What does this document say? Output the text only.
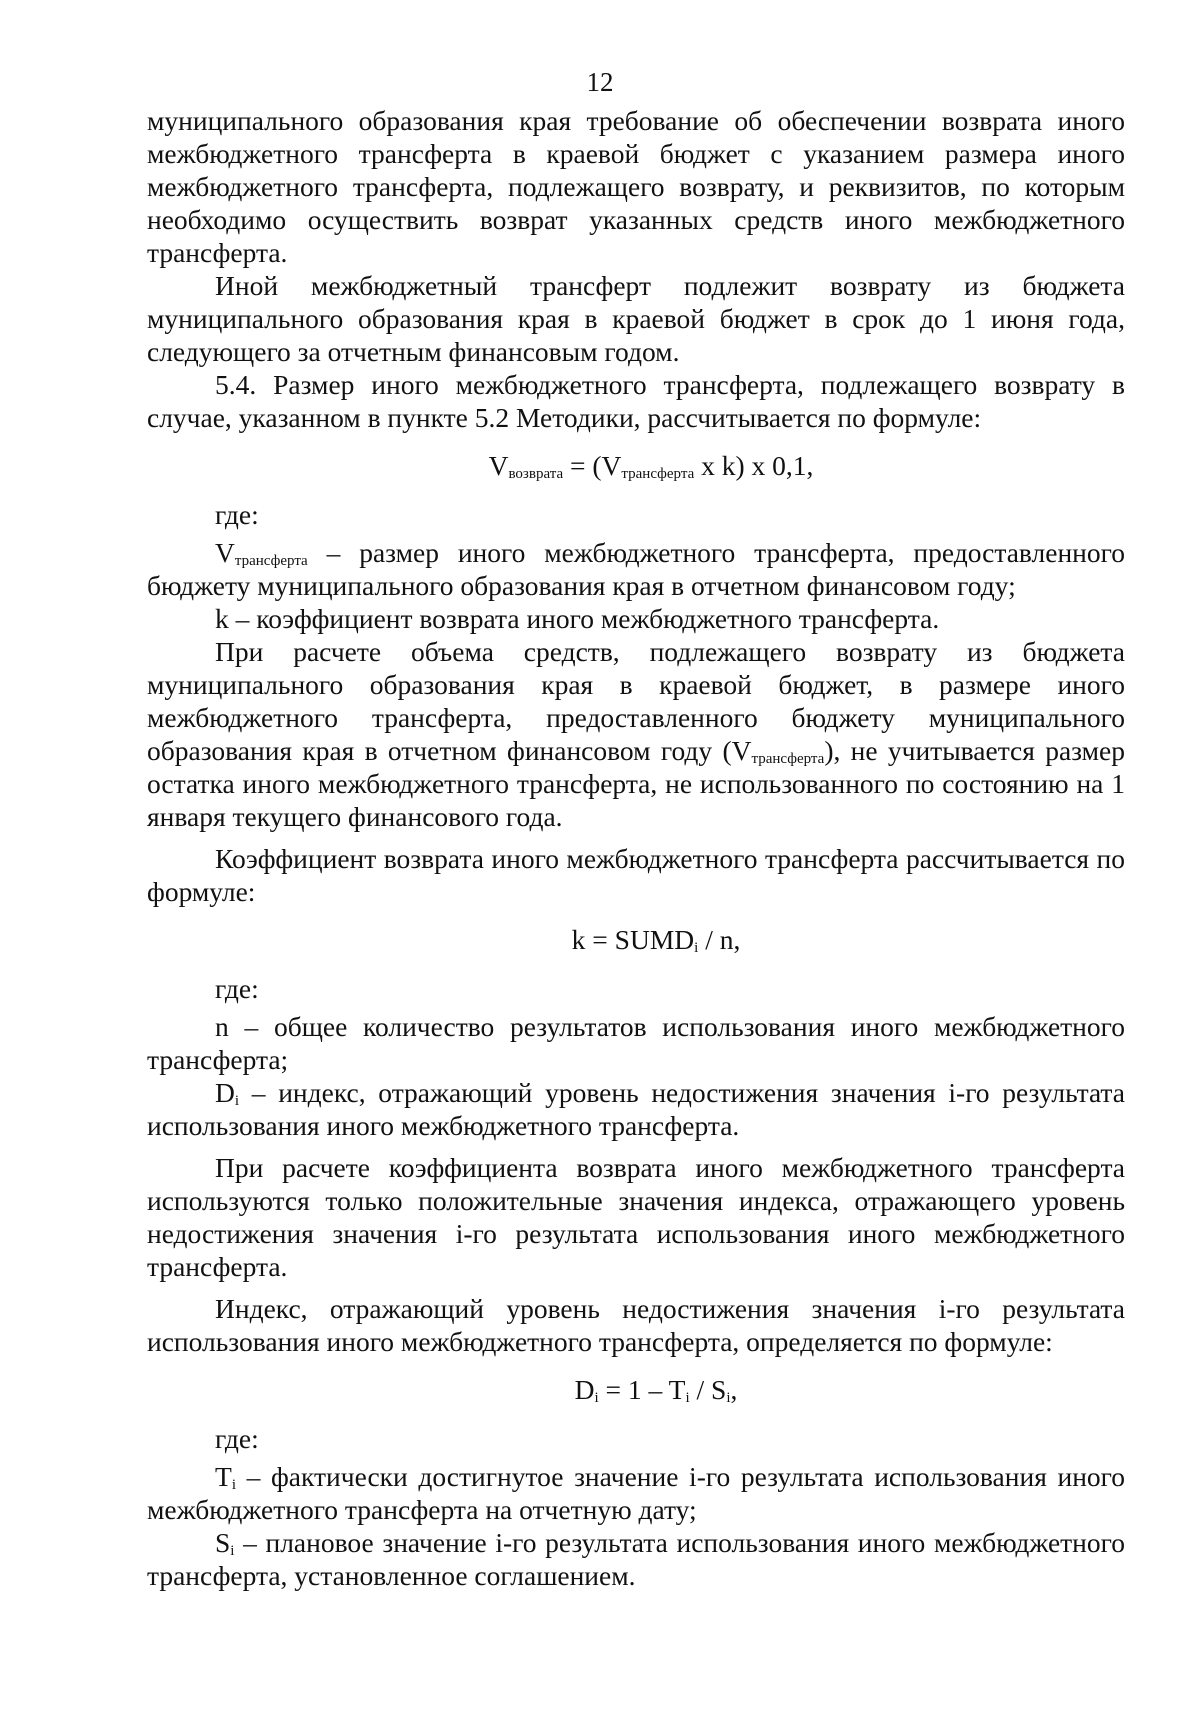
12

муниципального образования края требование об обеспечении возврата иного межбюджетного трансферта в краевой бюджет с указанием размера иного межбюджетного трансферта, подлежащего возврату, и реквизитов, по которым необходимо осуществить возврат указанных средств иного межбюджетного трансферта.

Иной межбюджетный трансферт подлежит возврату из бюджета муниципального образования края в краевой бюджет в срок до 1 июня года, следующего за отчетным финансовым годом.

5.4. Размер иного межбюджетного трансферта, подлежащего возврату в случае, указанном в пункте 5.2 Методики, рассчитывается по формуле:

$V_{возврата} = (V_{трансферта}$ x k) x 0,1,

где:

$V_{трансферта}$ – размер иного межбюджетного трансферта, предоставленного бюджету муниципального образования края в отчетном финансовом году;

k – коэффициент возврата иного межбюджетного трансферта.

При расчете объема средств, подлежащего возврату из бюджета муниципального образования края в краевой бюджет, в размере иного межбюджетного трансферта, предоставленного бюджету муниципального образования края в отчетном финансовом году $(V_{трансферта})$, не учитывается размер остатка иного межбюджетного трансферта, не использованного по состоянию на 1 января текущего финансового года.

Коэффициент возврата иного межбюджетного трансферта рассчитывается по формуле:

$k = SUMD_i / n$,

где:

n – общее количество результатов использования иного межбюджетного трансферта;

$D_i$ – индекс, отражающий уровень недостижения значения i-го результата использования иного межбюджетного трансферта.

При расчете коэффициента возврата иного межбюджетного трансферта используются только положительные значения индекса, отражающего уровень недостижения значения i-го результата использования иного межбюджетного трансферта.

Индекс, отражающий уровень недостижения значения i-го результата использования иного межбюджетного трансферта, определяется по формуле:

$D_i = 1 - T_i / S_i$,

где:

$T_i$ – фактически достигнутое значение i-го результата использования иного межбюджетного трансферта на отчетную дату;

$S_i$ – плановое значение i-го результата использования иного межбюджетного трансферта, установленное соглашением.
